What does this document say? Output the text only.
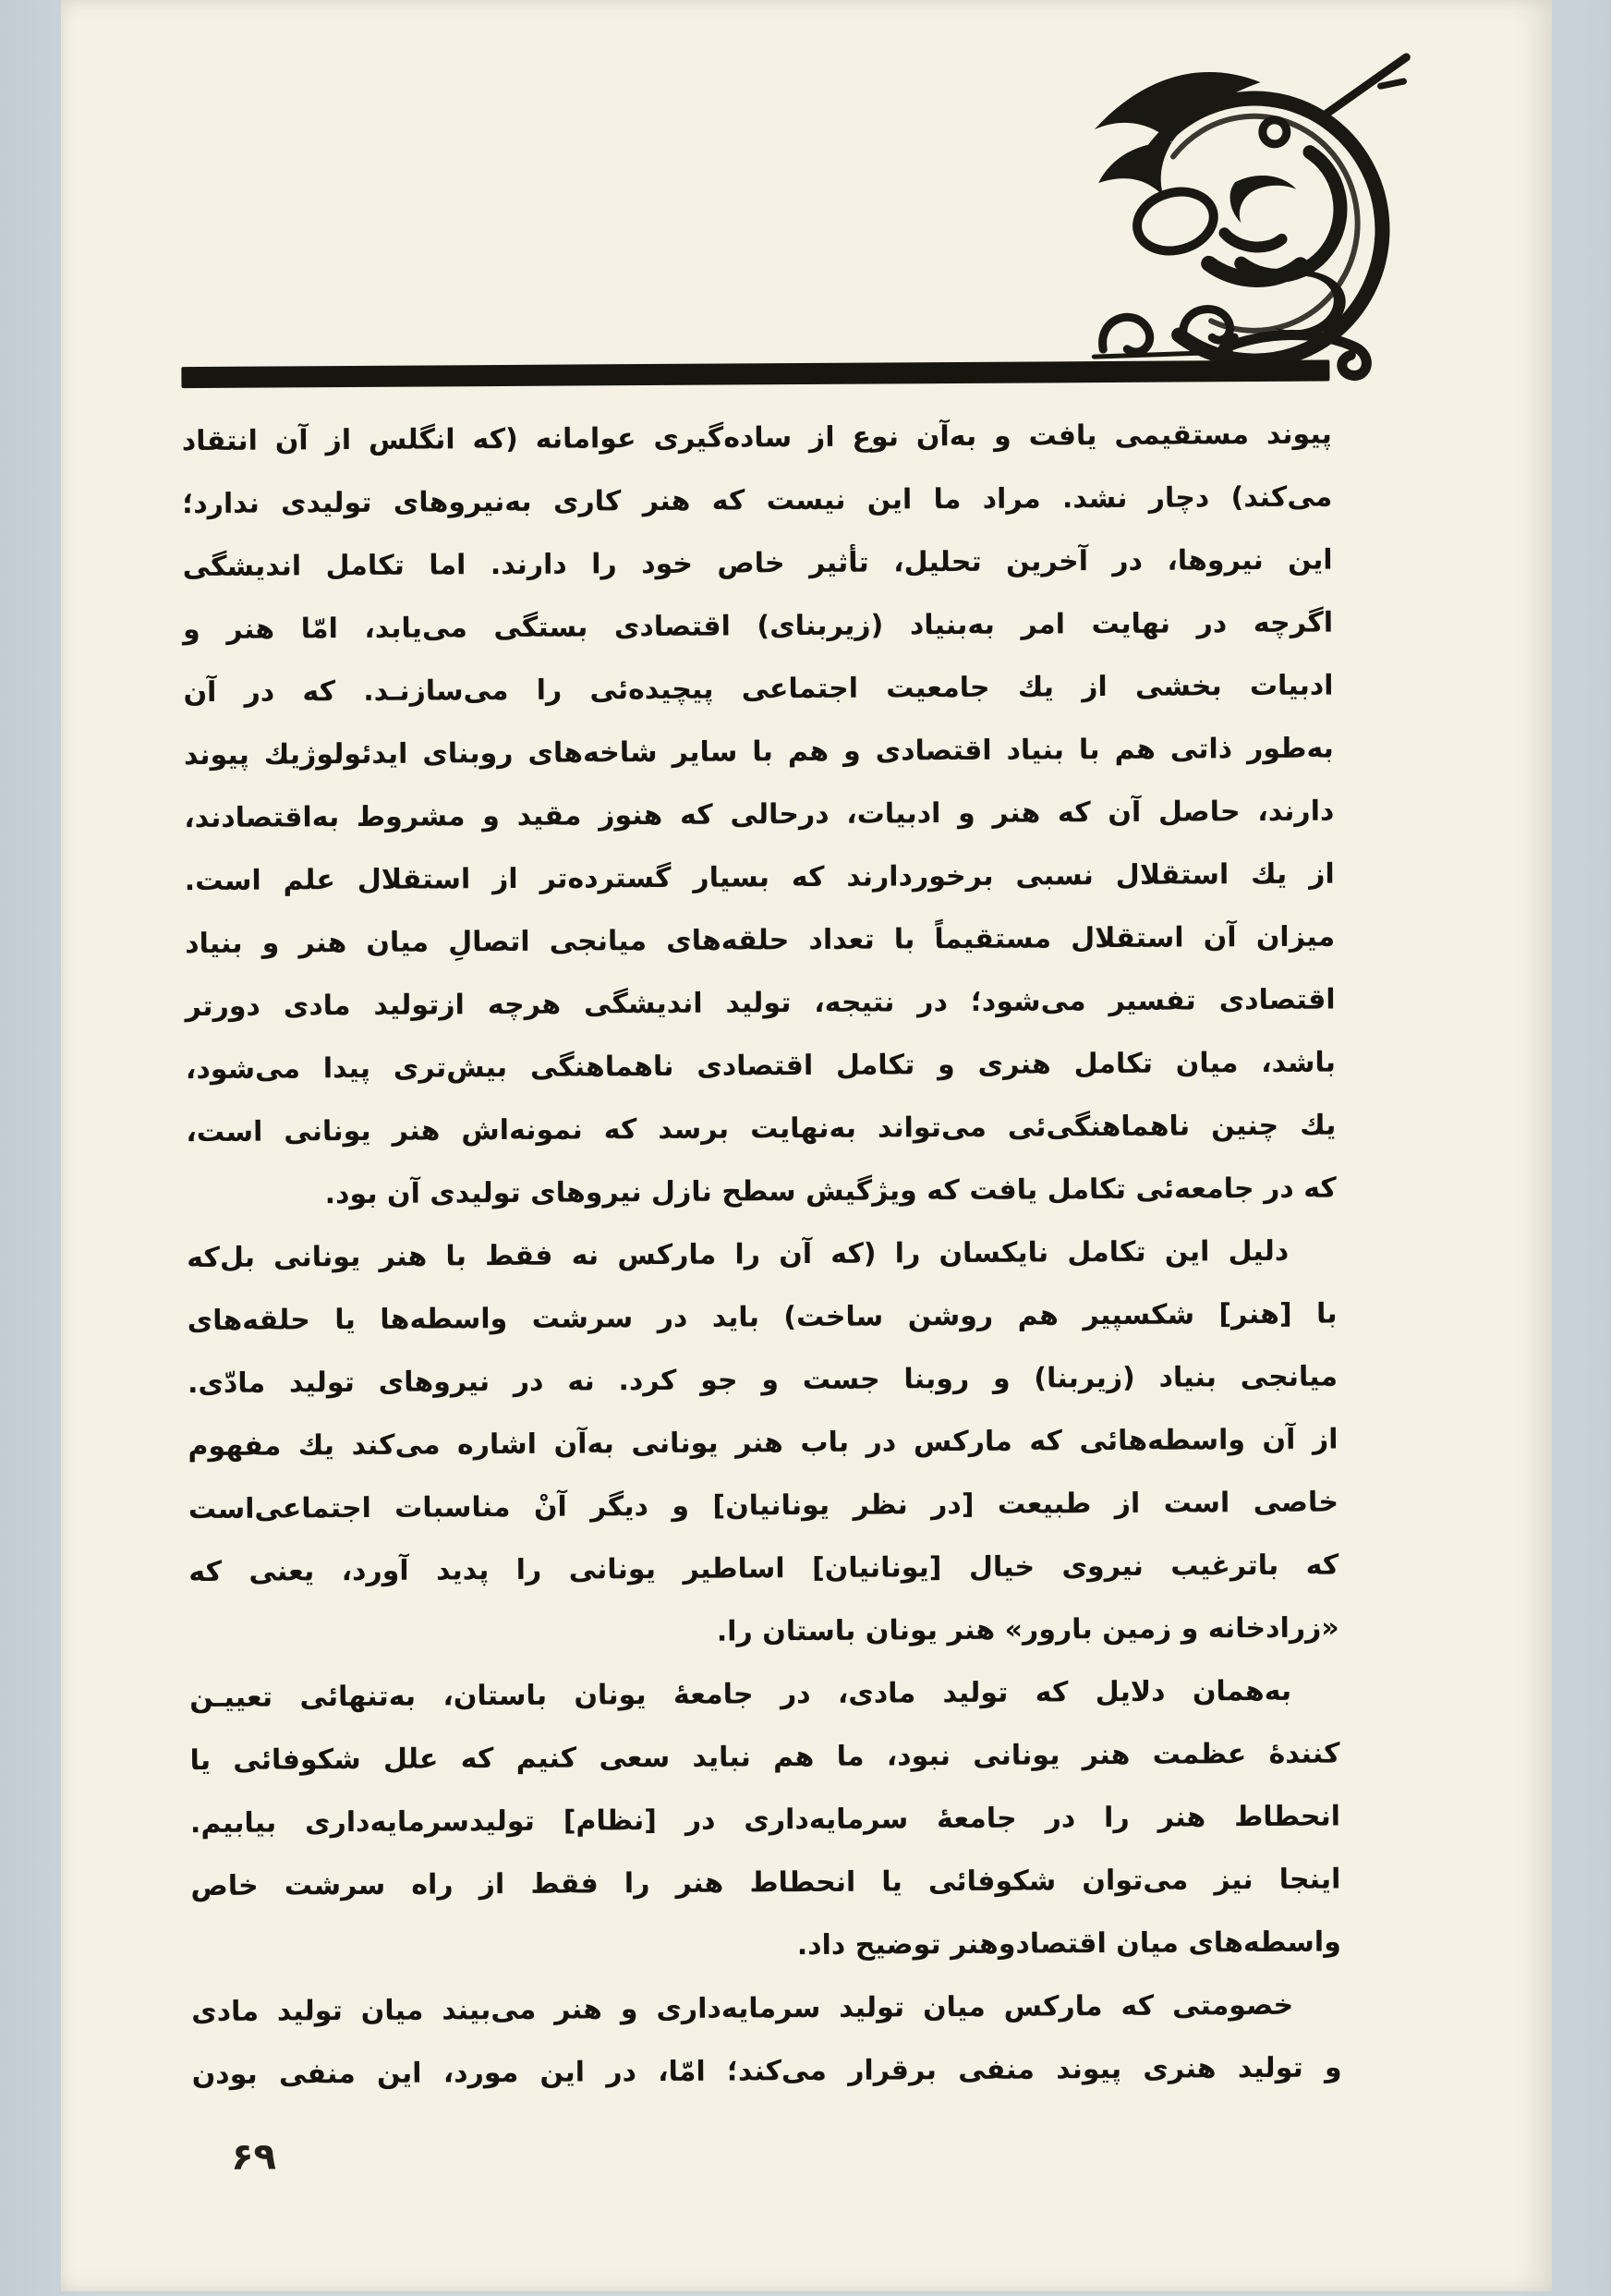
پیوند مستقیمی یافت و به‌آن نوع از ساده‌گیری عوامانه (که انگلس از آن انتقاد
می‌کند) دچار نشد. مراد ما این نیست که هنر کاری به‌نیروهای تولیدی ندارد؛
این نیروها، در آخرین تحلیل، تأثیر خاص خود را دارند. اما تکامل اندیشگی
اگرچه در نهایت امر به‌بنیاد (زیربنای) اقتصادی بستگی می‌یابد، امّا هنر و
ادبیات بخشی از یك جامعیت اجتماعی پیچیده‌ئی را می‌سازنـد. که در آن
به‌طور ذاتی هم با بنیاد اقتصادی و هم با سایر شاخه‌های روبنای ایدئولوژیك پیوند
دارند، حاصل آن که هنر و ادبیات، درحالی که هنوز مقید و مشروط به‌اقتصادند،
از یك استقلال نسبی برخوردارند که بسیار گسترده‌تر از استقلال علم است.
میزان آن استقلال مستقیماً با تعداد حلقه‌های میانجی اتصالِ میان هنر و بنیاد
اقتصادی تفسیر می‌شود؛ در نتیجه، تولید اندیشگی هرچه ازتولید مادی دورتر
باشد، میان تکامل هنری و تکامل اقتصادی ناهماهنگی بیش‌تری پیدا می‌شود،
یك چنین ناهماهنگی‌ئی می‌تواند به‌نهایت برسد که نمونه‌اش هنر یونانی است،
که در جامعه‌ئی تکامل یافت که ویژگیش سطح نازل نیروهای تولیدی آن بود.
دلیل این تکامل نایکسان را (که آن را مارکس نه فقط با هنر یونانی بل‌که
با [هنر] شکسپیر هم روشن ساخت) باید در سرشت واسطه‌ها یا حلقه‌های
میانجی بنیاد (زیربنا) و روبنا جست و جو کرد. نه در نیروهای تولید مادّی.
از آن واسطه‌هائی که مارکس در باب هنر یونانی به‌آن اشاره می‌کند یك مفهوم
خاصی است از طبیعت [در نظر یونانیان] و دیگر آنْ مناسبات اجتماعی‌است
که باترغیب نیروی خیال [یونانیان] اساطیر یونانی را پدید آورد، یعنی که
«زرادخانه و زمین بارور» هنر یونان باستان را.
به‌همان دلایل که تولید مادی، در جامعهٔ یونان باستان، به‌تنهائی تعییـن
کنندهٔ عظمت هنر یونانی نبود، ما هم نباید سعی کنیم که علل شکوفائی یا
انحطاط هنر را در جامعهٔ سرمایه‌داری در [نظام] تولیدسرمایه‌داری بیابیم.
اینجا نیز می‌توان شکوفائی یا انحطاط هنر را فقط از راه سرشت خاص
واسطه‌های میان اقتصادوهنر توضیح داد.
خصومتی که مارکس میان تولید سرمایه‌داری و هنر می‌بیند میان تولید مادی
و تولید هنری پیوند منفی برقرار می‌کند؛ امّا، در این مورد، این منفی بودن
۶۹
